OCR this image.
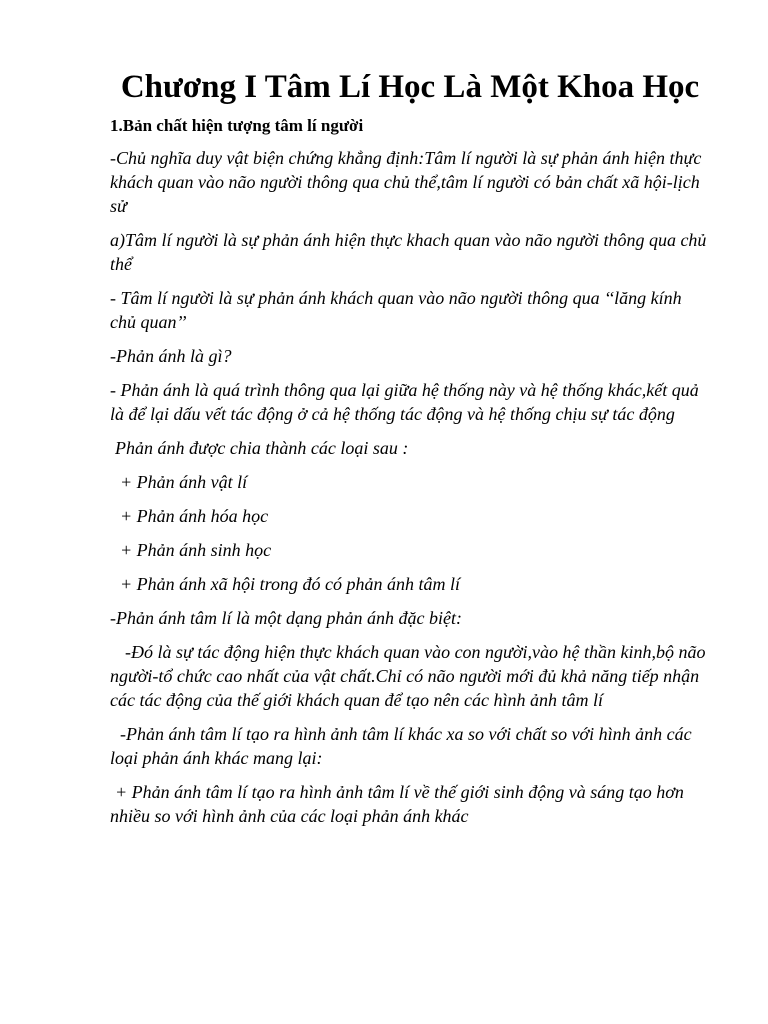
Chương I Tâm Lí Học Là Một Khoa Học
1.Bản chất hiện tượng tâm lí người
-Chủ nghĩa duy vật biện chứng khẳng định:Tâm lí người là sự phản ánh hiện thực khách quan vào não người thông qua chủ thể,tâm lí người có bản chất xã hội-lịch sử
a)Tâm lí người là sự phản ánh hiện thực khach quan vào não người thông qua chủ thể
- Tâm lí người là sự phản ánh khách quan vào não người thông qua ‘‘lăng kính chủ quan’’
-Phản ánh là gì?
- Phản ánh là quá trình thông qua lại giữa hệ thống này và hệ thống khác,kết quả là để lại dấu vết tác động ở cả hệ thống tác động và hệ thống chịu sự tác động
Phản ánh được chia thành các loại sau :
+ Phản ánh vật lí
+ Phản ánh hóa học
+ Phản ánh sinh học
+ Phản ánh xã hội trong đó có phản ánh tâm lí
-Phản ánh tâm lí là một dạng phản ánh đặc biệt:
-Đó là sự tác động hiện thực khách quan vào con người,vào hệ thần kinh,bộ não người-tổ chức cao nhất của vật chất.Chỉ có não người mới đủ khả năng tiếp nhận các tác động của thế giới khách quan để tạo nên các hình ảnh tâm lí
-Phản ánh tâm lí tạo ra hình ảnh tâm lí khác xa so với chất so với hình ảnh các loại phản ánh khác mang lại:
+ Phản ánh tâm lí tạo ra hình ảnh tâm lí về thế giới sinh động và sáng tạo hơn nhiều so với hình ảnh của các loại phản ánh khác
